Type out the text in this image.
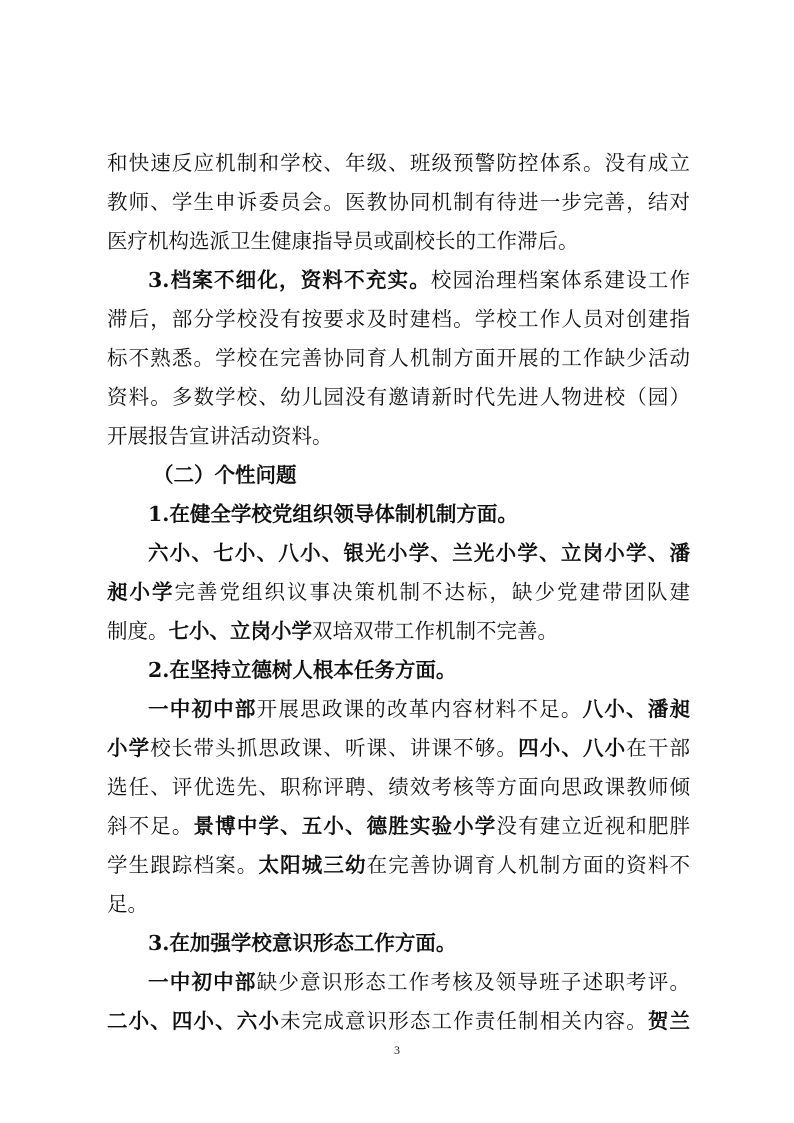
和快速反应机制和学校、年级、班级预警防控体系。没有成立
教师、学生申诉委员会。医教协同机制有待进一步完善，结对
医疗机构选派卫生健康指导员或副校长的工作滞后。
3.档案不细化，资料不充实。校园治理档案体系建设工作
滞后，部分学校没有按要求及时建档。学校工作人员对创建指
标不熟悉。学校在完善协同育人机制方面开展的工作缺少活动
资料。多数学校、幼儿园没有邀请新时代先进人物进校（园）
开展报告宣讲活动资料。
（二）个性问题
1.在健全学校党组织领导体制机制方面。
六小、七小、八小、银光小学、兰光小学、立岗小学、潘
昶小学完善党组织议事决策机制不达标，缺少党建带团队建
制度。七小、立岗小学双培双带工作机制不完善。
2.在坚持立德树人根本任务方面。
一中初中部开展思政课的改革内容材料不足。八小、潘昶
小学校长带头抓思政课、听课、讲课不够。四小、八小在干部
选任、评优选先、职称评聘、绩效考核等方面向思政课教师倾
斜不足。景博中学、五小、德胜实验小学没有建立近视和肥胖
学生跟踪档案。太阳城三幼在完善协调育人机制方面的资料不
足。
3.在加强学校意识形态工作方面。
一中初中部缺少意识形态工作考核及领导班子述职考评。
二小、四小、六小未完成意识形态工作责任制相关内容。贺兰
3
